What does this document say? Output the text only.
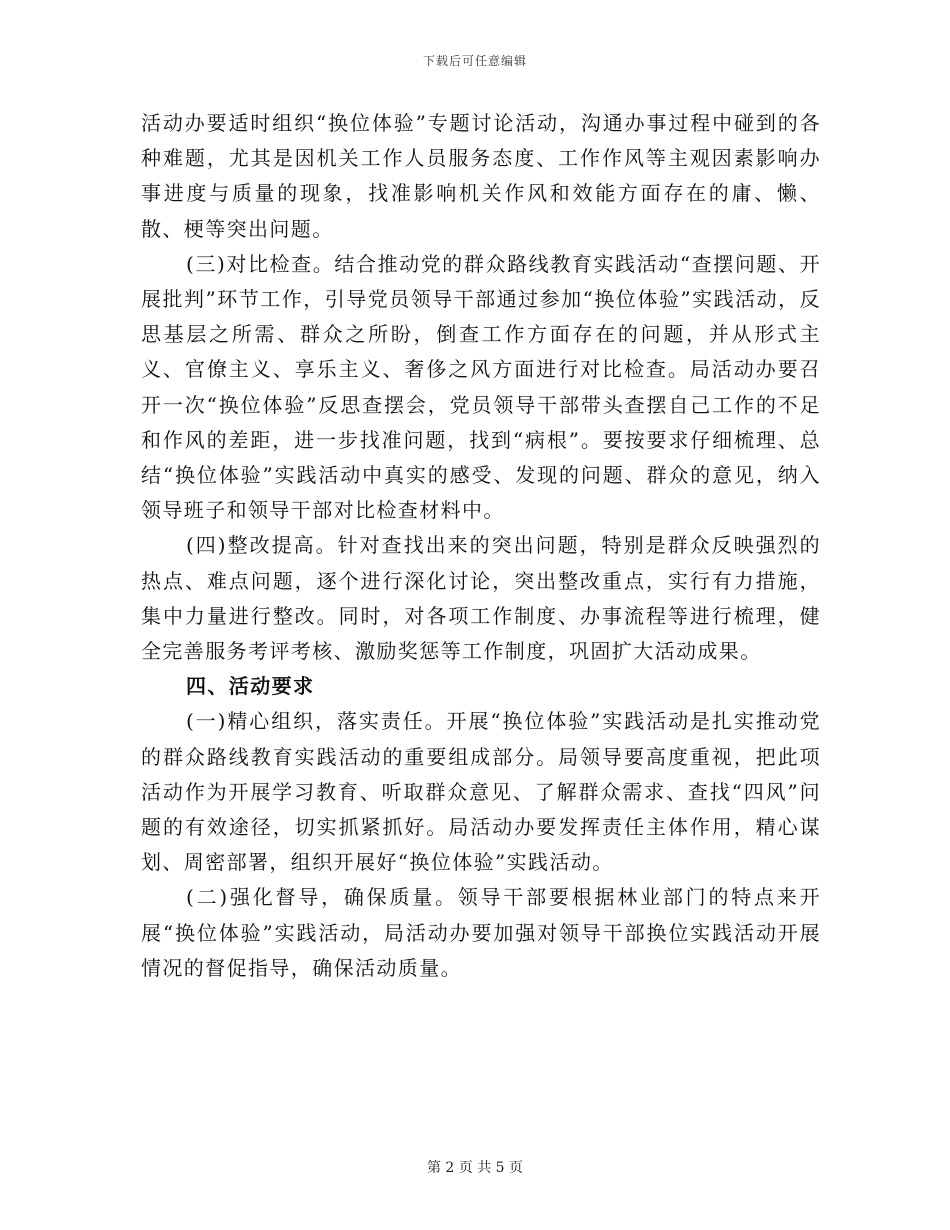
下载后可任意编辑

活动办要适时组织“换位体验”专题讨论活动，沟通办事过程中碰到的各种难题，尤其是因机关工作人员服务态度、工作作风等主观因素影响办事进度与质量的现象，找准影响机关作风和效能方面存在的庸、懒、散、梗等突出问题。

(三)对比检查。结合推动党的群众路线教育实践活动“查摆问题、开展批判”环节工作，引导党员领导干部通过参加“换位体验”实践活动，反思基层之所需、群众之所盼，倒查工作方面存在的问题，并从形式主义、官僚主义、享乐主义、奢侈之风方面进行对比检查。局活动办要召开一次“换位体验”反思查摆会，党员领导干部带头查摆自己工作的不足和作风的差距，进一步找准问题，找到“病根”。要按要求仔细梳理、总结“换位体验”实践活动中真实的感受、发现的问题、群众的意见，纳入领导班子和领导干部对比检查材料中。

(四)整改提高。针对查找出来的突出问题，特别是群众反映强烈的热点、难点问题，逐个进行深化讨论，突出整改重点，实行有力措施，集中力量进行整改。同时，对各项工作制度、办事流程等进行梳理，健全完善服务考评考核、激励奖惩等工作制度，巩固扩大活动成果。

四、活动要求

(一)精心组织，落实责任。开展“换位体验”实践活动是扎实推动党的群众路线教育实践活动的重要组成部分。局领导要高度重视，把此项活动作为开展学习教育、听取群众意见、了解群众需求、查找“四风”问题的有效途径，切实抓紧抓好。局活动办要发挥责任主体作用，精心谋划、周密部署，组织开展好“换位体验”实践活动。

(二)强化督导，确保质量。领导干部要根据林业部门的特点来开展“换位体验”实践活动，局活动办要加强对领导干部换位实践活动开展情况的督促指导，确保活动质量。

第 2 页 共 5 页
